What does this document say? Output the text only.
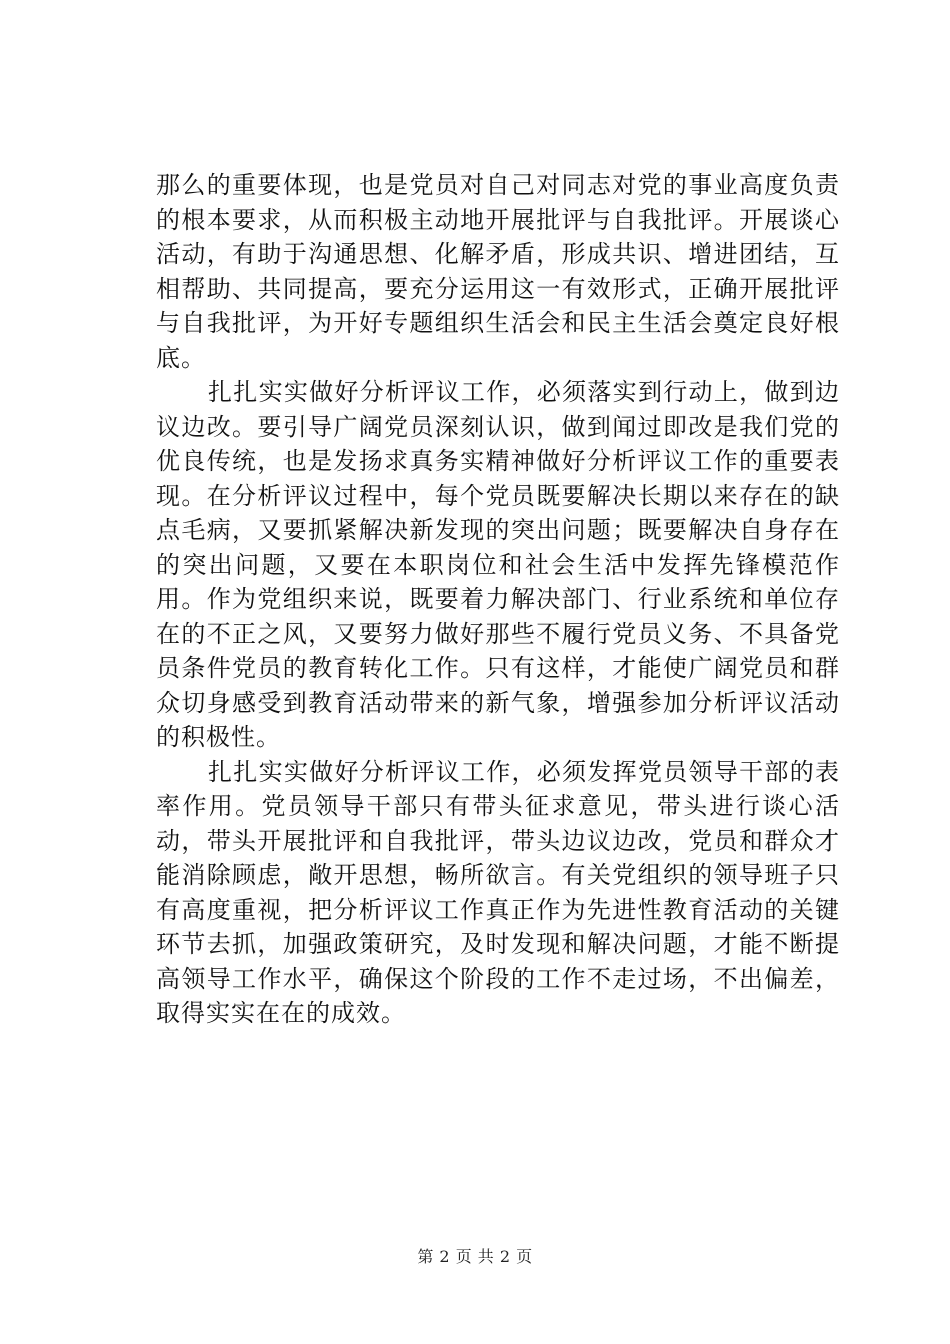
那么的重要体现，也是党员对自己对同志对党的事业高度负责的根本要求，从而积极主动地开展批评与自我批评。开展谈心活动，有助于沟通思想、化解矛盾，形成共识、增进团结，互相帮助、共同提高，要充分运用这一有效形式，正确开展批评与自我批评，为开好专题组织生活会和民主生活会奠定良好根底。

扎扎实实做好分析评议工作，必须落实到行动上，做到边议边改。要引导广阔党员深刻认识，做到闻过即改是我们党的优良传统，也是发扬求真务实精神做好分析评议工作的重要表现。在分析评议过程中，每个党员既要解决长期以来存在的缺点毛病，又要抓紧解决新发现的突出问题；既要解决自身存在的突出问题，又要在本职岗位和社会生活中发挥先锋模范作用。作为党组织来说，既要着力解决部门、行业系统和单位存在的不正之风，又要努力做好那些不履行党员义务、不具备党员条件党员的教育转化工作。只有这样，才能使广阔党员和群众切身感受到教育活动带来的新气象，增强参加分析评议活动的积极性。

扎扎实实做好分析评议工作，必须发挥党员领导干部的表率作用。党员领导干部只有带头征求意见，带头进行谈心活动，带头开展批评和自我批评，带头边议边改，党员和群众才能消除顾虑，敞开思想，畅所欲言。有关党组织的领导班子只有高度重视，把分析评议工作真正作为先进性教育活动的关键环节去抓，加强政策研究，及时发现和解决问题，才能不断提高领导工作水平，确保这个阶段的工作不走过场，不出偏差，取得实实在在的成效。

第 2 页 共 2 页
